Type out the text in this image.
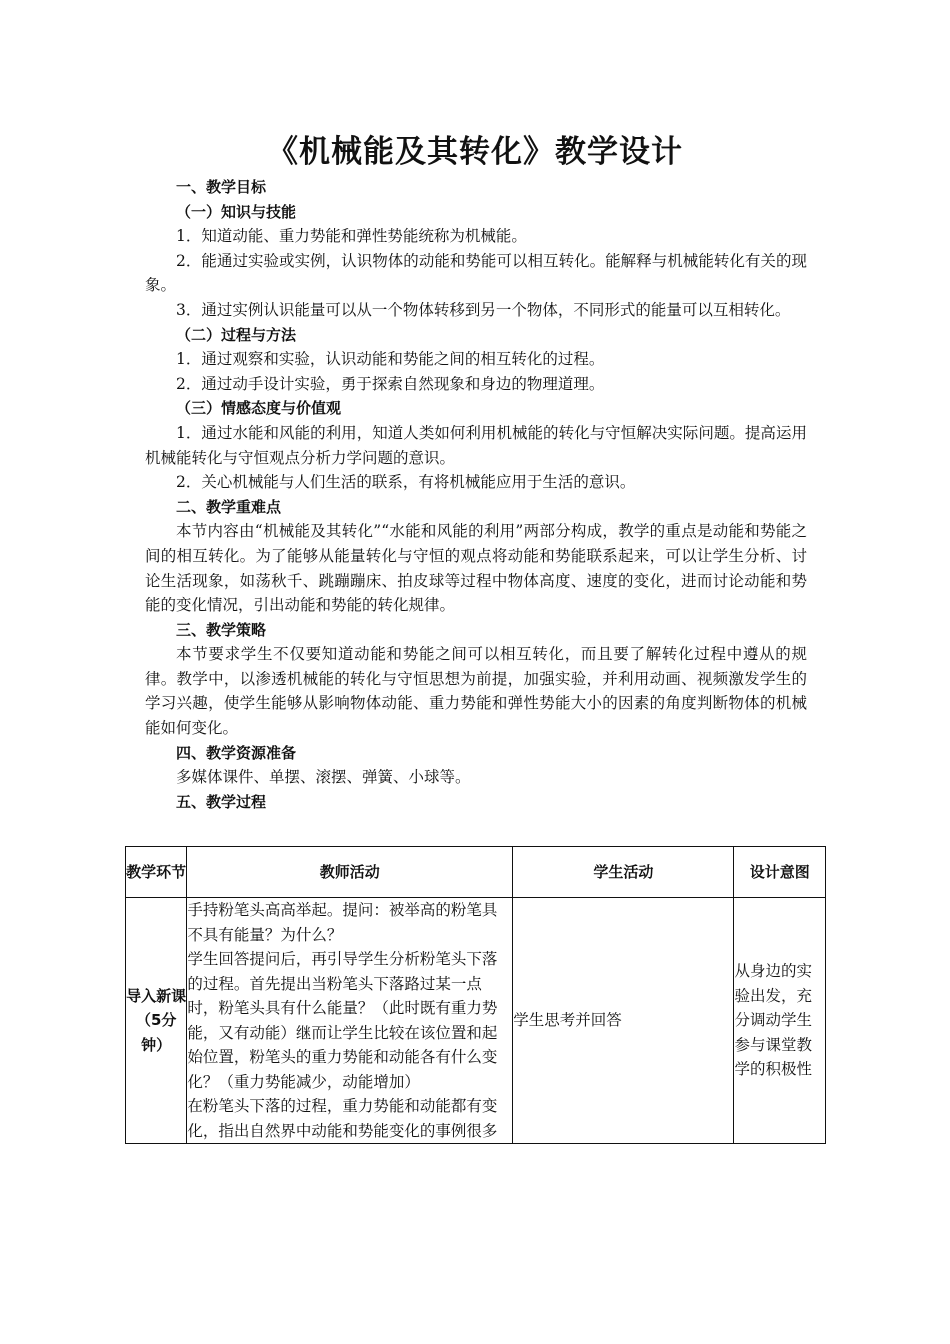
《机械能及其转化》教学设计

一、教学目标

（一）知识与技能

1．知道动能、重力势能和弹性势能统称为机械能。

2．能通过实验或实例，认识物体的动能和势能可以相互转化。能解释与机械能转化有关的现象。

3．通过实例认识能量可以从一个物体转移到另一个物体，不同形式的能量可以互相转化。

（二）过程与方法

1．通过观察和实验，认识动能和势能之间的相互转化的过程。

2．通过动手设计实验，勇于探索自然现象和身边的物理道理。

（三）情感态度与价值观

1．通过水能和风能的利用，知道人类如何利用机械能的转化与守恒解决实际问题。提高运用机械能转化与守恒观点分析力学问题的意识。

2．关心机械能与人们生活的联系，有将机械能应用于生活的意识。

二、教学重难点

本节内容由“机械能及其转化”“水能和风能的利用”两部分构成，教学的重点是动能和势能之间的相互转化。为了能够从能量转化与守恒的观点将动能和势能联系起来，可以让学生分析、讨论生活现象，如荡秋千、跳蹦蹦床、拍皮球等过程中物体高度、速度的变化，进而讨论动能和势能的变化情况，引出动能和势能的转化规律。

三、教学策略

本节要求学生不仅要知道动能和势能之间可以相互转化，而且要了解转化过程中遵从的规律。教学中，以渗透机械能的转化与守恒思想为前提，加强实验，并利用动画、视频激发学生的学习兴趣，使学生能够从影响物体动能、重力势能和弹性势能大小的因素的角度判断物体的机械能如何变化。

四、教学资源准备

多媒体课件、单摆、滚摆、弹簧、小球等。

五、教学过程

教学环节	教师活动	学生活动	设计意图
导入新课（5分钟）	手持粉笔头高高举起。提问：被举高的粉笔具不具有能量？为什么？

学生回答提问后，再引导学生分析粉笔头下落的过程。首先提出当粉笔头下落路过某一点时，粉笔头具有什么能量？（此时既有重力势能，又有动能）继而让学生比较在该位置和起始位置，粉笔头的重力势能和动能各有什么变化？（重力势能减少，动能增加）

在粉笔头下落的过程，重力势能和动能都有变化，指出自然界中动能和势能变化的事例很多	学生思考并回答	从身边的实验出发，充分调动学生参与课堂教学的积极性
